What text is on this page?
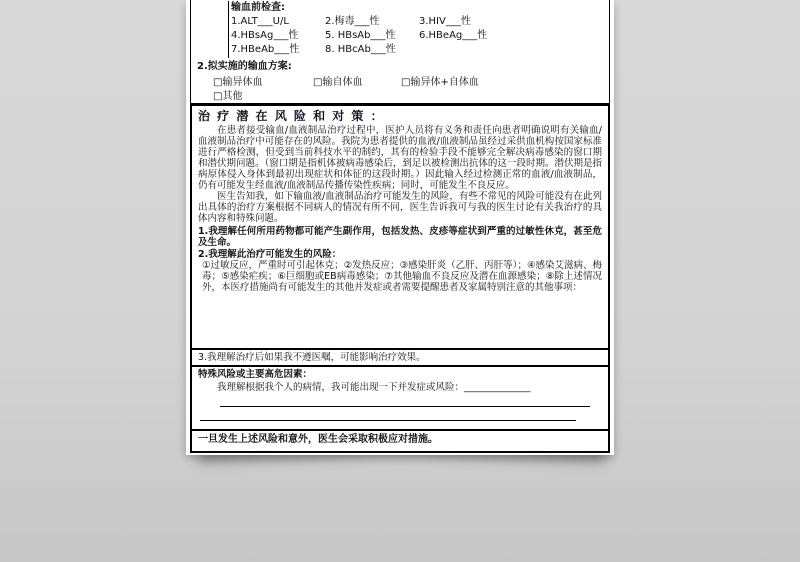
输血前检查:
1.ALT___U/L	2.梅毒___性	3.HIV___性
4.HBsAg___性	5. HBsAb___性	6.HBeAg___性
7.HBeAb___性	8. HBcAb___性
2.拟实施的输血方案:
□输异体血	□输自体血	□输异体+自体血
□其他
治 疗 潜 在 风 险 和 对 策 ：
在患者接受输血/血液制品治疗过程中，医护人员将有义务和责任向患者明确说明有关输血/血液制品治疗中可能存在的风险。我院为患者提供的血液/血液制品虽经过采供血机构按国家标准进行严格检测，但受到当前科技水平的制约，其有的检验手段不能够完全解决病毒感染的窗口期和潜伏期问题。（窗口期是指机体被病毒感染后，到足以被检测出抗体的这一段时期。潜伏期是指病原体侵入身体到最初出现症状和体征的这段时期。）因此输入经过检测正常的血液/血液制品，仍有可能发生经血液/血液制品传播传染性疾病；同时，可能发生不良反应。
医生告知我，如下输血液/血液制品治疗可能发生的风险，有些不常见的风险可能没有在此列出具体的治疗方案根据不同病人的情况有所不同，医生告诉我可与我的医生讨论有关我治疗的具体内容和特殊问题。
1.我理解任何所用药物都可能产生副作用，包括发热、皮疹等症状到严重的过敏性休克，甚至危及生命。
2.我理解此治疗可能发生的风险：
①过敏反应，严重时可引起休克；②发热反应；③感染肝炎（乙肝、丙肝等）；④感染艾滋病、梅毒；⑤感染疟疾；⑥巨细胞或EB病毒感染；⑦其他输血不良反应及潜在血源感染；⑧除上述情况外，本医疗措施尚有可能发生的其他并发症或者需要提醒患者及家属特别注意的其他事项：
3.我理解治疗后如果我不遵医嘱，可能影响治疗效果。
特殊风险或主要高危因素：
我理解根据我个人的病情，我可能出现一下并发症或风险：______________
一旦发生上述风险和意外，医生会采取积极应对措施。
